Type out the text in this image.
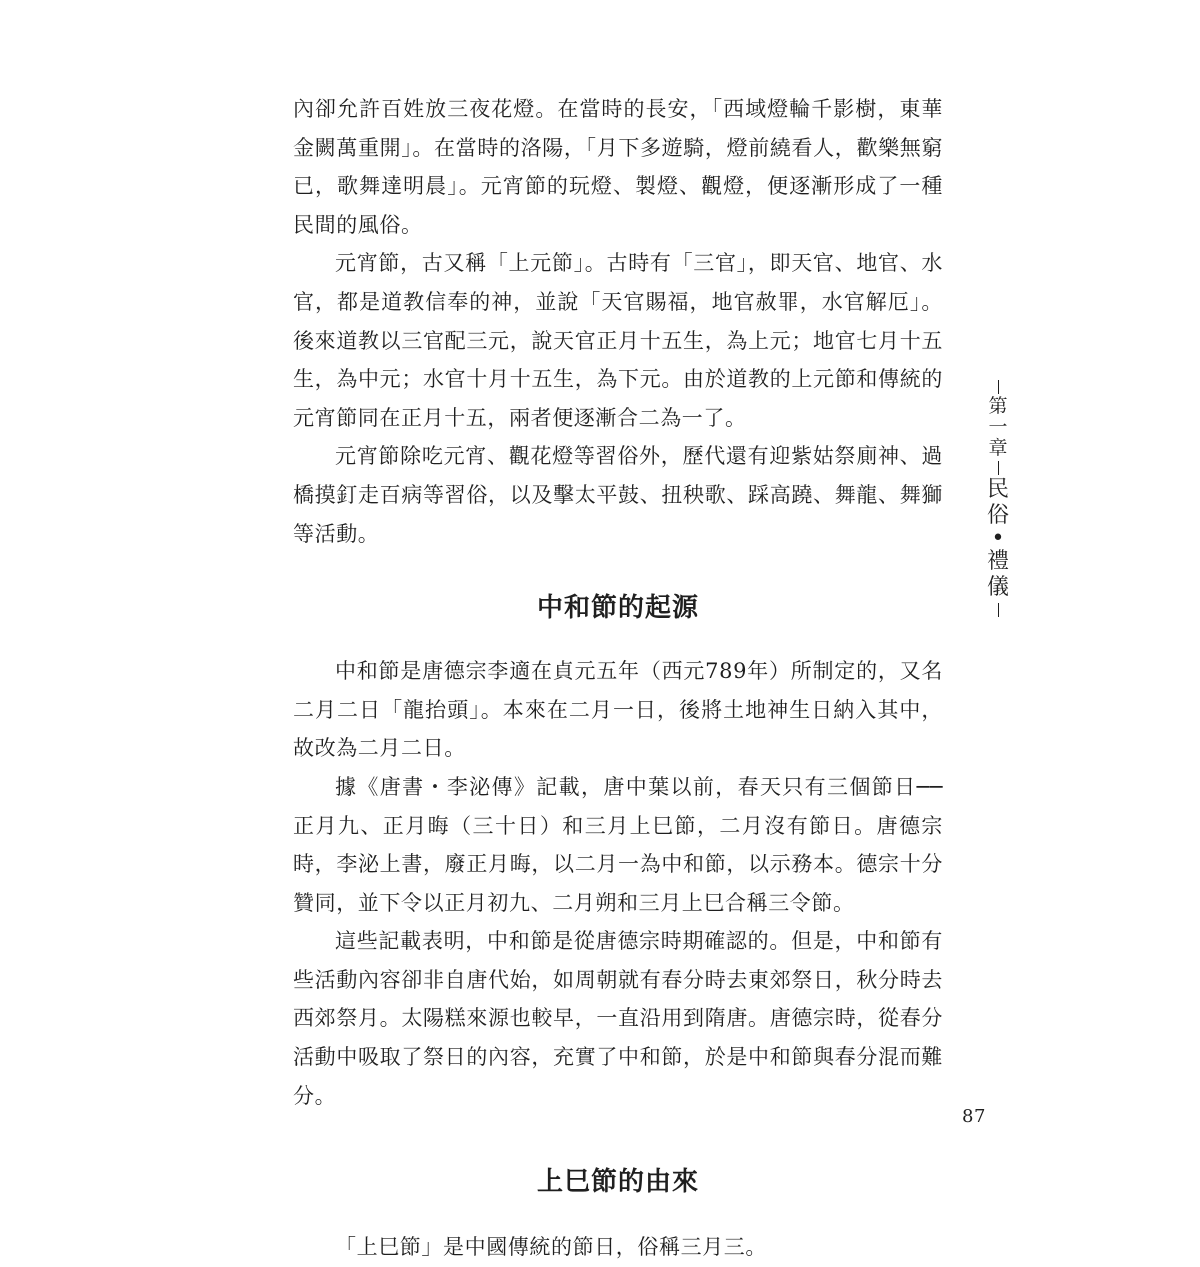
內卻允許百姓放三夜花燈。在當時的長安，「西域燈輪千影樹，東華金闕萬重開」。在當時的洛陽，「月下多遊騎，燈前繞看人，歡樂無窮已，歌舞達明晨」。元宵節的玩燈、製燈、觀燈，便逐漸形成了一種民間的風俗。

元宵節，古又稱「上元節」。古時有「三官」，即天官、地官、水官，都是道教信奉的神，並說「天官賜福，地官赦罪，水官解厄」。後來道教以三官配三元，說天官正月十五生，為上元；地官七月十五生，為中元；水官十月十五生，為下元。由於道教的上元節和傳統的元宵節同在正月十五，兩者便逐漸合二為一了。

元宵節除吃元宵、觀花燈等習俗外，歷代還有迎紫姑祭廁神、過橋摸釘走百病等習俗，以及擊太平鼓、扭秧歌、踩高蹺、舞龍、舞獅等活動。

中和節的起源

中和節是唐德宗李適在貞元五年（西元789年）所制定的，又名二月二日「龍抬頭」。本來在二月一日，後將土地神生日納入其中，故改為二月二日。

據《唐書・李泌傳》記載，唐中葉以前，春天只有三個節日──正月九、正月晦（三十日）和三月上巳節，二月沒有節日。唐德宗時，李泌上書，廢正月晦，以二月一為中和節，以示務本。德宗十分贊同，並下令以正月初九、二月朔和三月上巳合稱三令節。

這些記載表明，中和節是從唐德宗時期確認的。但是，中和節有些活動內容卻非自唐代始，如周朝就有春分時去東郊祭日，秋分時去西郊祭月。太陽糕來源也較早，一直沿用到隋唐。唐德宗時，從春分活動中吸取了祭日的內容，充實了中和節，於是中和節與春分混而難分。

上巳節的由來

「上巳節」是中國傳統的節日，俗稱三月三。

第
一
章
民
俗
•
禮
儀
87
